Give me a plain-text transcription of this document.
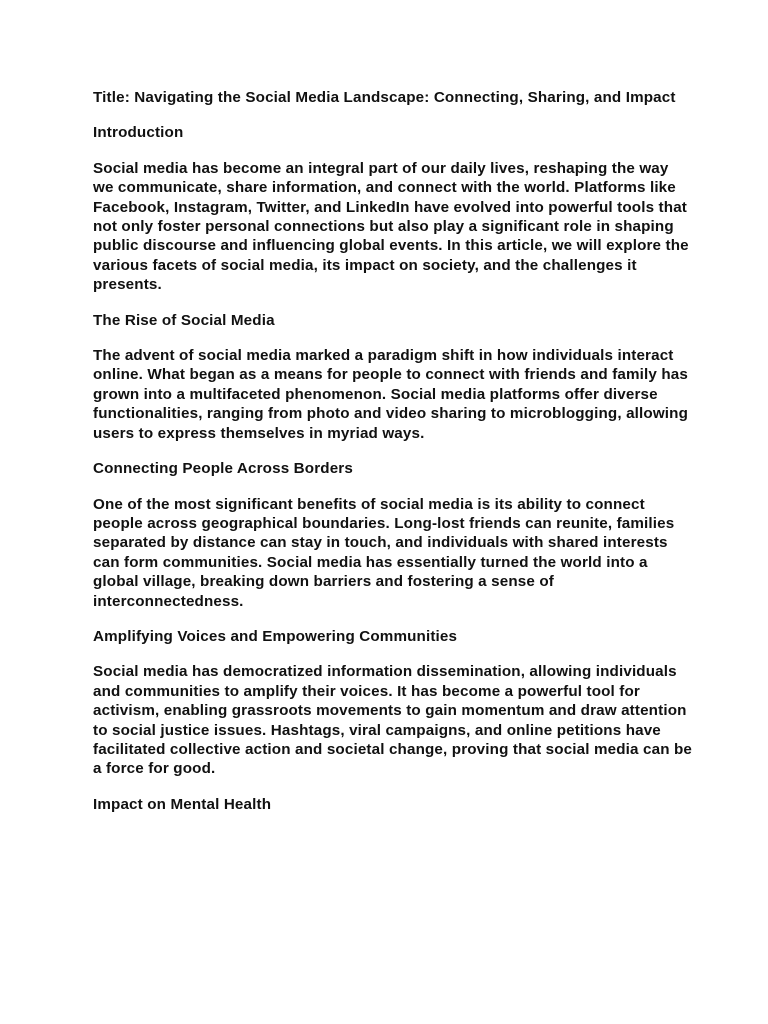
Title: Navigating the Social Media Landscape: Connecting, Sharing, and Impact

Introduction

Social media has become an integral part of our daily lives, reshaping the way we communicate, share information, and connect with the world. Platforms like Facebook, Instagram, Twitter, and LinkedIn have evolved into powerful tools that not only foster personal connections but also play a significant role in shaping public discourse and influencing global events. In this article, we will explore the various facets of social media, its impact on society, and the challenges it presents.

The Rise of Social Media

The advent of social media marked a paradigm shift in how individuals interact online. What began as a means for people to connect with friends and family has grown into a multifaceted phenomenon. Social media platforms offer diverse functionalities, ranging from photo and video sharing to microblogging, allowing users to express themselves in myriad ways.

Connecting People Across Borders

One of the most significant benefits of social media is its ability to connect people across geographical boundaries. Long-lost friends can reunite, families separated by distance can stay in touch, and individuals with shared interests can form communities. Social media has essentially turned the world into a global village, breaking down barriers and fostering a sense of interconnectedness.

Amplifying Voices and Empowering Communities

Social media has democratized information dissemination, allowing individuals and communities to amplify their voices. It has become a powerful tool for activism, enabling grassroots movements to gain momentum and draw attention to social justice issues. Hashtags, viral campaigns, and online petitions have facilitated collective action and societal change, proving that social media can be a force for good.

Impact on Mental Health
